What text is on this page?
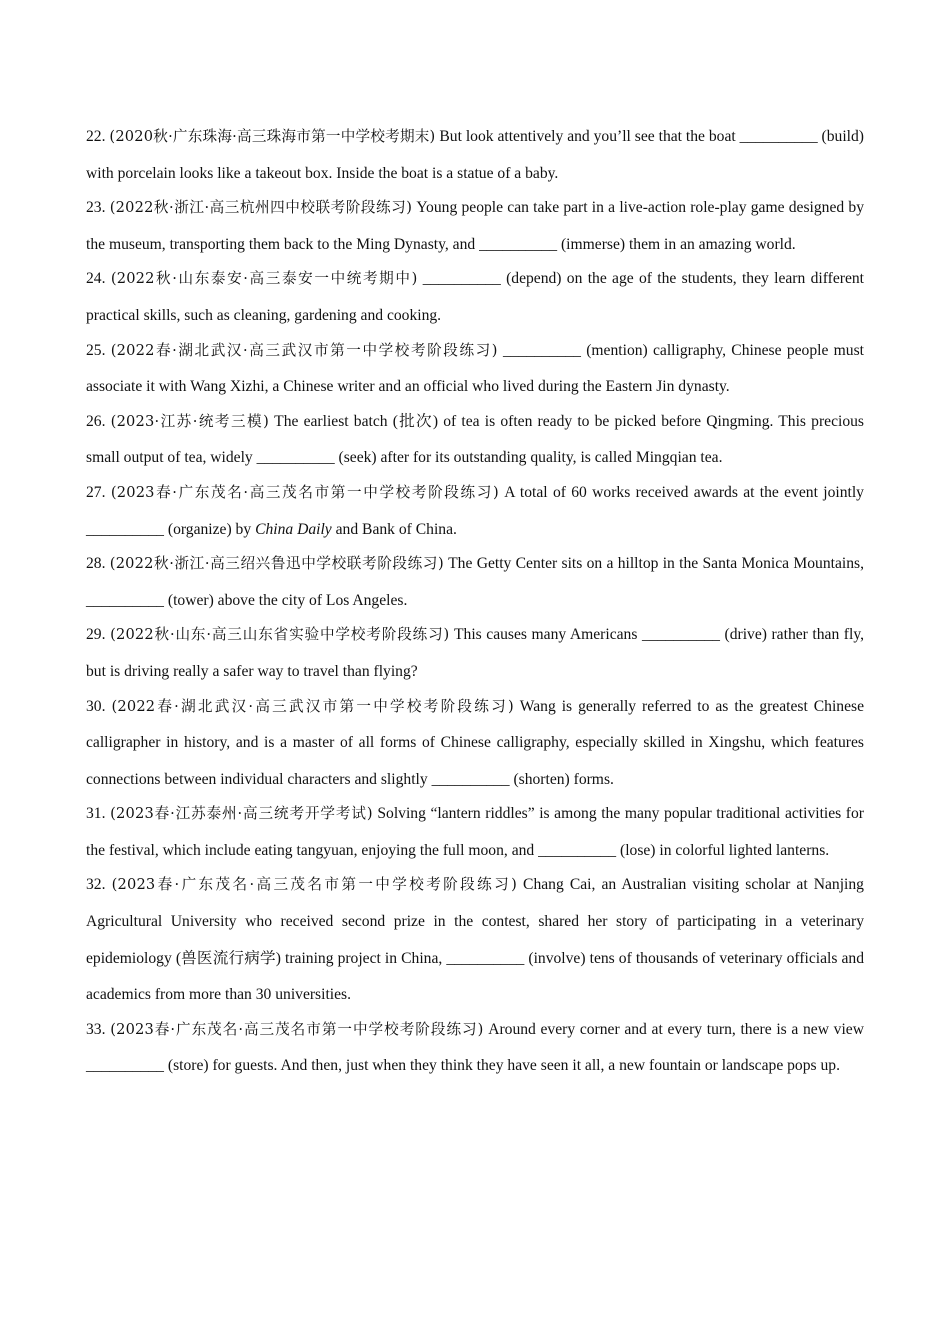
22. (2020秋·广东珠海·高三珠海市第一中学校考期末) But look attentively and you’ll see that the boat __________ (build) with porcelain looks like a takeout box. Inside the boat is a statue of a baby.

23. (2022秋·浙江·高三杭州四中校联考阶段练习) Young people can take part in a live-action role-play game designed by the museum, transporting them back to the Ming Dynasty, and __________ (immerse) them in an amazing world.

24. (2022秋·山东泰安·高三泰安一中统考期中) __________ (depend) on the age of the students, they learn different practical skills, such as cleaning, gardening and cooking.

25. (2022春·湖北武汉·高三武汉市第一中学校考阶段练习) __________ (mention) calligraphy, Chinese people must associate it with Wang Xizhi, a Chinese writer and an official who lived during the Eastern Jin dynasty.

26. (2023·江苏·统考三模) The earliest batch (批次) of tea is often ready to be picked before Qingming. This precious small output of tea, widely __________ (seek) after for its outstanding quality, is called Mingqian tea.

27. (2023春·广东茂名·高三茂名市第一中学校考阶段练习) A total of 60 works received awards at the event jointly __________ (organize) by China Daily and Bank of China.

28. (2022秋·浙江·高三绍兴鲁迅中学校联考阶段练习) The Getty Center sits on a hilltop in the Santa Monica Mountains, __________ (tower) above the city of Los Angeles.

29. (2022秋·山东·高三山东省实验中学校考阶段练习) This causes many Americans __________ (drive) rather than fly, but is driving really a safer way to travel than flying?

30. (2022春·湖北武汉·高三武汉市第一中学校考阶段练习) Wang is generally referred to as the greatest Chinese calligrapher in history, and is a master of all forms of Chinese calligraphy, especially skilled in Xingshu, which features connections between individual characters and slightly __________ (shorten) forms.

31. (2023春·江苏泰州·高三统考开学考试) Solving “lantern riddles” is among the many popular traditional activities for the festival, which include eating tangyuan, enjoying the full moon, and __________ (lose) in colorful lighted lanterns.

32. (2023春·广东茂名·高三茂名市第一中学校考阶段练习) Chang Cai, an Australian visiting scholar at Nanjing Agricultural University who received second prize in the contest, shared her story of participating in a veterinary epidemiology (兽医流行病学) training project in China, __________ (involve) tens of thousands of veterinary officials and academics from more than 30 universities.

33. (2023春·广东茂名·高三茂名市第一中学校考阶段练习) Around every corner and at every turn, there is a new view __________ (store) for guests. And then, just when they think they have seen it all, a new fountain or landscape pops up.
